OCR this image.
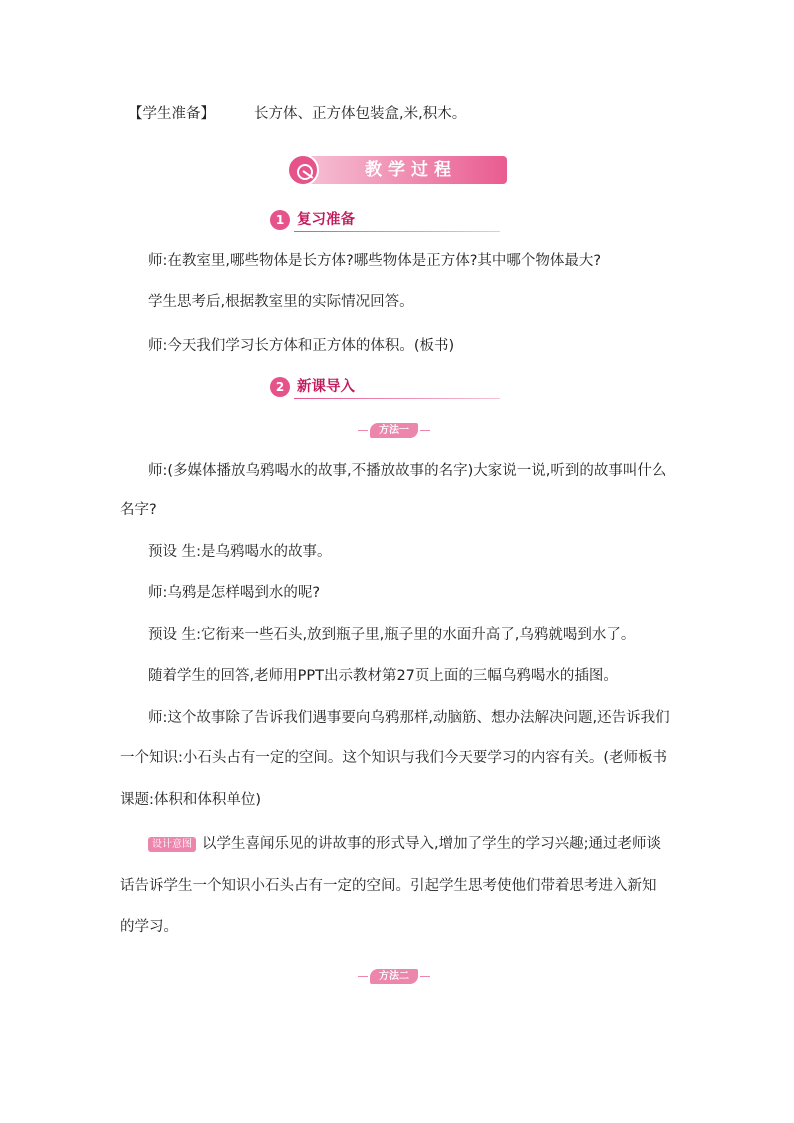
【学生准备】	长方体、正方体包装盒,米,积木。
教学过程
1 复习准备
师:在教室里,哪些物体是长方体?哪些物体是正方体?其中哪个物体最大?
学生思考后,根据教室里的实际情况回答。
师:今天我们学习长方体和正方体的体积。(板书)
2 新课导入
方法一
师:(多媒体播放乌鸦喝水的故事,不播放故事的名字)大家说一说,听到的故事叫什么
名字?
预设 生:是乌鸦喝水的故事。
师:乌鸦是怎样喝到水的呢?
预设 生:它衔来一些石头,放到瓶子里,瓶子里的水面升高了,乌鸦就喝到水了。
随着学生的回答,老师用PPT出示教材第27页上面的三幅乌鸦喝水的插图。
师:这个故事除了告诉我们遇事要向乌鸦那样,动脑筋、想办法解决问题,还告诉我们
一个知识:小石头占有一定的空间。这个知识与我们今天要学习的内容有关。(老师板书
课题:体积和体积单位)
设计意图 以学生喜闻乐见的讲故事的形式导入,增加了学生的学习兴趣;通过老师谈
话告诉学生一个知识小石头占有一定的空间。引起学生思考使他们带着思考进入新知
的学习。
方法二
